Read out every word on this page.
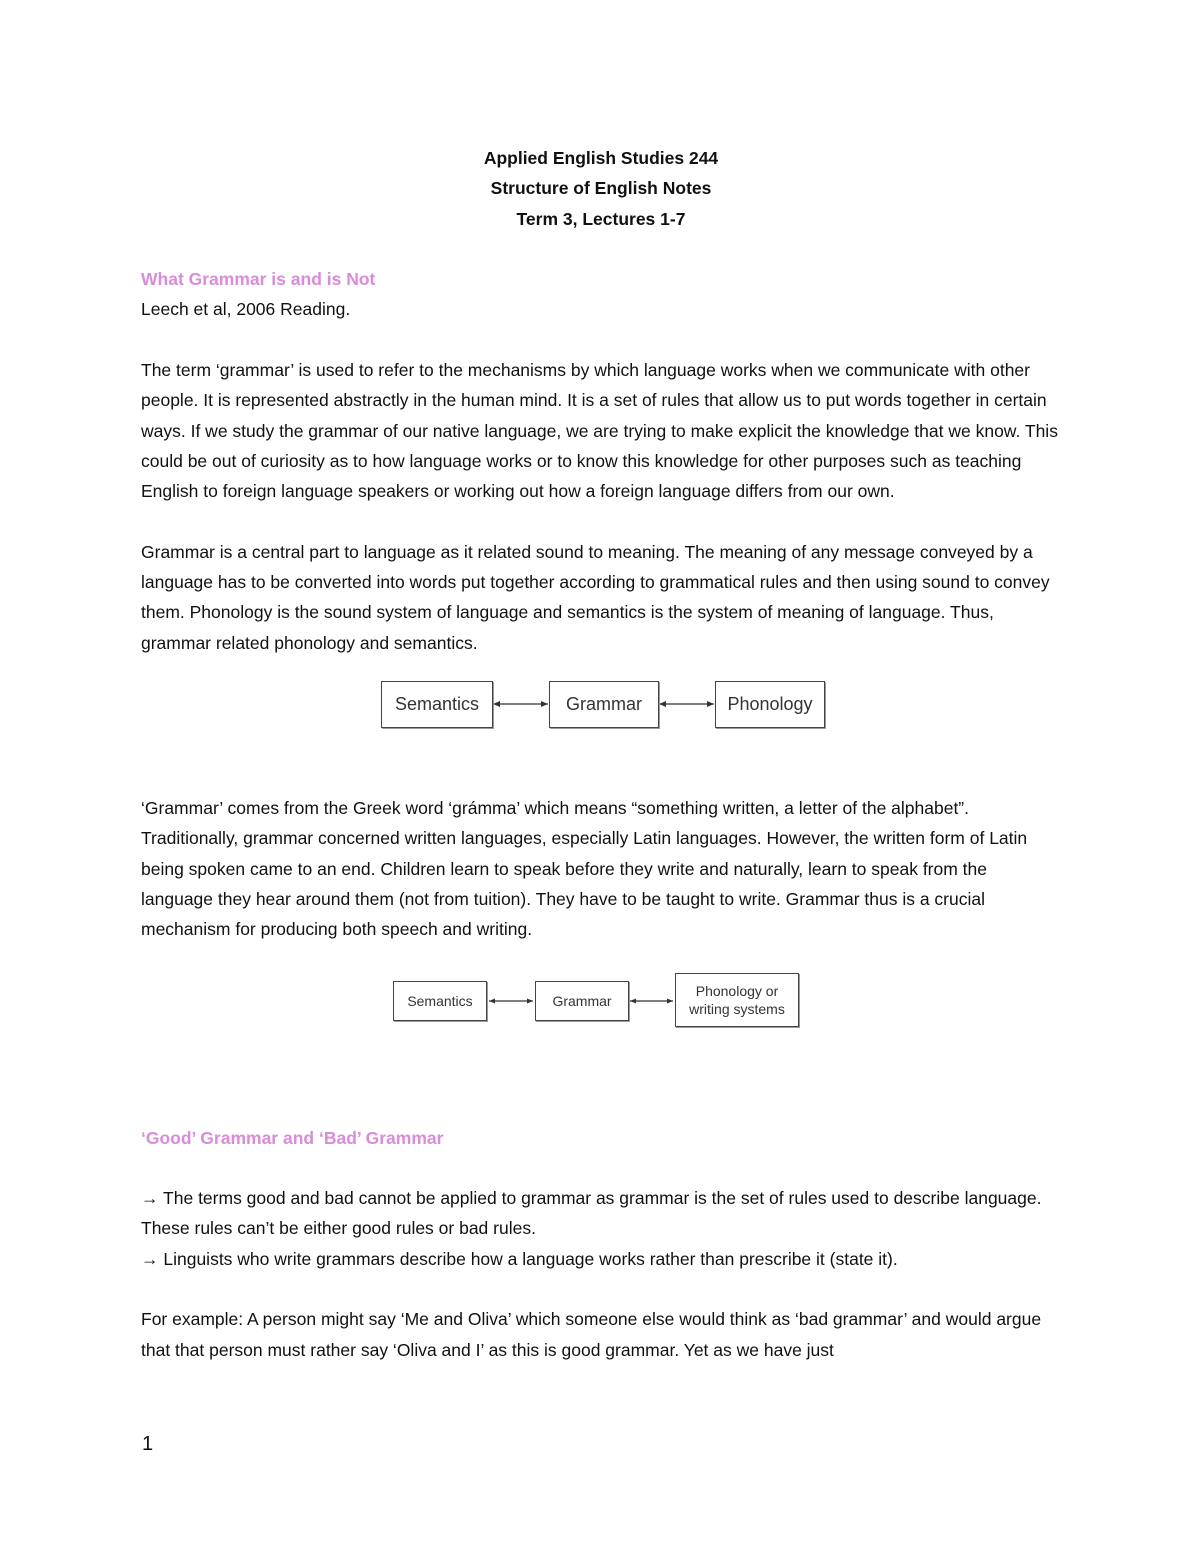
Applied English Studies 244
Structure of English Notes
Term 3, Lectures 1-7
What Grammar is and is Not

Leech et al, 2006 Reading.

The term ‘grammar’ is used to refer to the mechanisms by which language works when we communicate with other people. It is represented abstractly in the human mind. It is a set of rules that allow us to put words together in certain ways. If we study the grammar of our native language, we are trying to make explicit the knowledge that we know. This could be out of curiosity as to how language works or to know this knowledge for other purposes such as teaching English to foreign language speakers or working out how a foreign language differs from our own.

Grammar is a central part to language as it related sound to meaning. The meaning of any message conveyed by a language has to be converted into words put together according to grammatical rules and then using sound to convey them. Phonology is the sound system of language and semantics is the system of meaning of language. Thus, grammar related phonology and semantics.

Semantics	Grammar	Phonology

‘Grammar’ comes from the Greek word ‘grámma’ which means “something written, a letter of the alphabet”. Traditionally, grammar concerned written languages, especially Latin languages. However, the written form of Latin being spoken came to an end. Children learn to speak before they write and naturally, learn to speak from the language they hear around them (not from tuition). They have to be taught to write. Grammar thus is a crucial mechanism for producing both speech and writing.

Semantics	Grammar
Phonology or writing systems
‘Good’ Grammar and ‘Bad’ Grammar

→ The terms good and bad cannot be applied to grammar as grammar is the set of rules used to describe language. These rules can’t be either good rules or bad rules.

→ Linguists who write grammars describe how a language works rather than prescribe it (state it).

For example: A person might say ‘Me and Oliva’ which someone else would think as ‘bad grammar’ and would argue that that person must rather say ‘Oliva and I’ as this is good grammar. Yet as we have just

1
